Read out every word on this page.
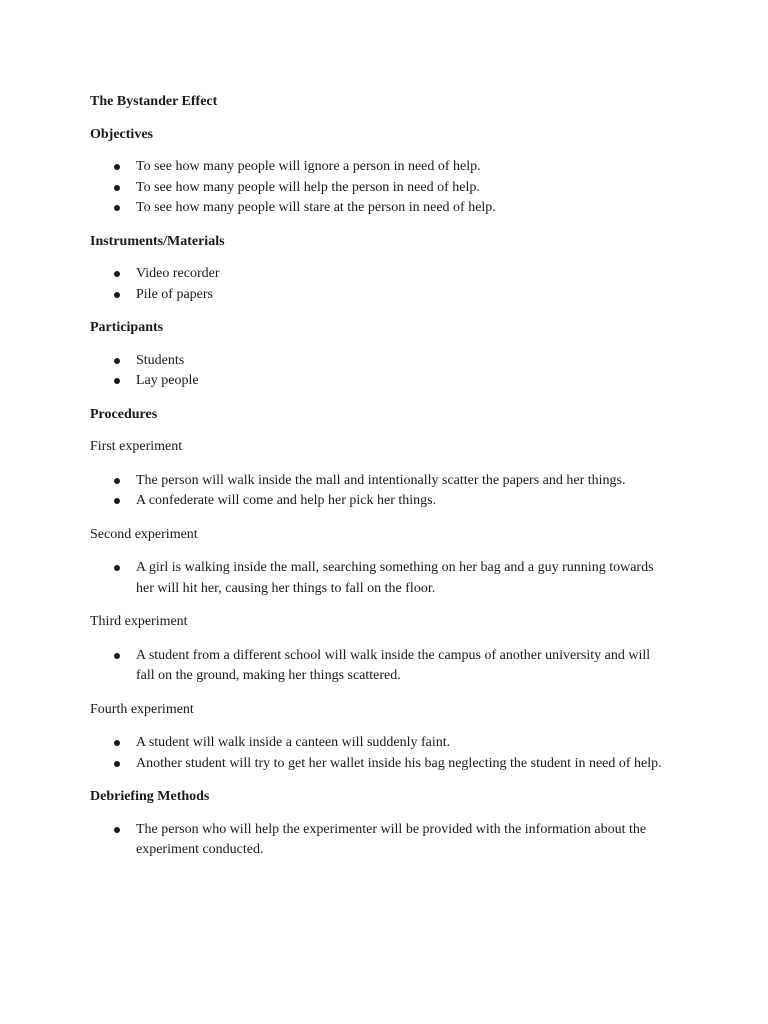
The Bystander Effect
Objectives
To see how many people will ignore a person in need of help.
To see how many people will help the person in need of help.
To see how many people will stare at the person in need of help.
Instruments/Materials
Video recorder
Pile of papers
Participants
Students
Lay people
Procedures
First experiment
The person will walk inside the mall and intentionally scatter the papers and her things.
A confederate will come and help her pick her things.
Second experiment
A girl is walking inside the mall, searching something on her bag and a guy running towards her will hit her, causing her things to fall on the floor.
Third experiment
A student from a different school will walk inside the campus of another university and will fall on the ground, making her things scattered.
Fourth experiment
A student will walk inside a canteen will suddenly faint.
Another student will try to get her wallet inside his bag neglecting the student in need of help.
Debriefing Methods
The person who will help the experimenter will be provided with the information about the experiment conducted.
